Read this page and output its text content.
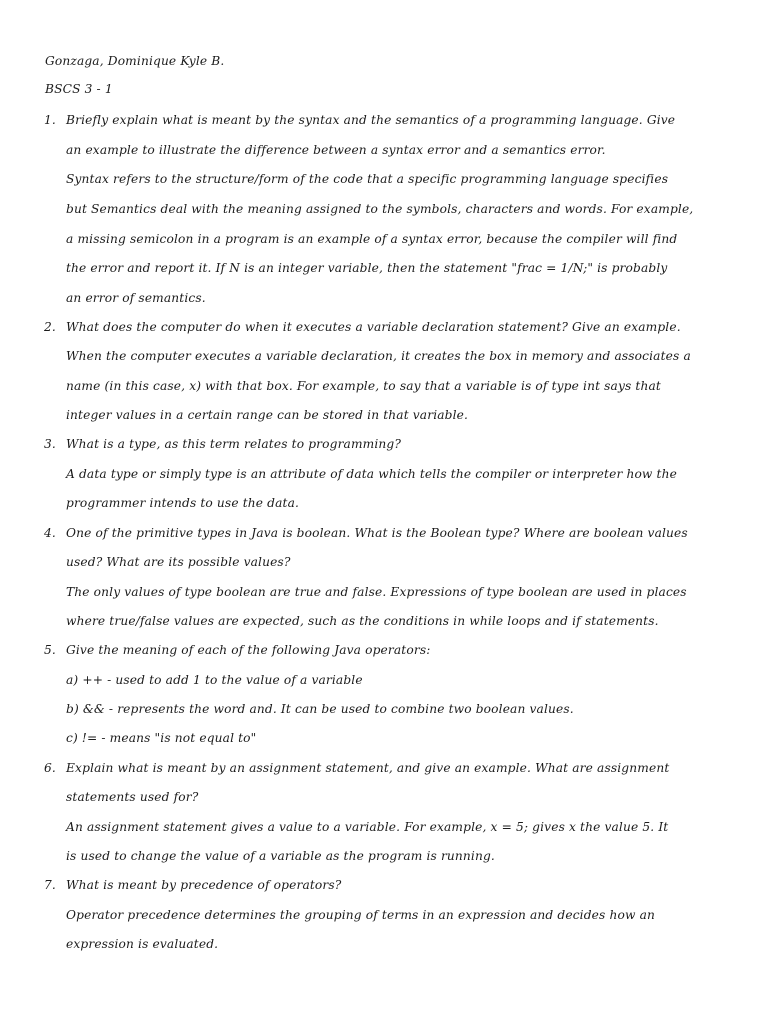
Gonzaga, Dominique Kyle B.
BSCS 3 - 1
1. Briefly explain what is meant by the syntax and the semantics of a programming language. Give
an example to illustrate the difference between a syntax error and a semantics error.
Syntax refers to the structure/form of the code that a specific programming language specifies
but Semantics deal with the meaning assigned to the symbols, characters and words. For example,
a missing semicolon in a program is an example of a syntax error, because the compiler will find
the error and report it. If N is an integer variable, then the statement "frac = 1/N;" is probably
an error of semantics.
2. What does the computer do when it executes a variable declaration statement? Give an example.
When the computer executes a variable declaration, it creates the box in memory and associates a
name (in this case, x) with that box. For example, to say that a variable is of type int says that
integer values in a certain range can be stored in that variable.
3. What is a type, as this term relates to programming?
A data type or simply type is an attribute of data which tells the compiler or interpreter how the
programmer intends to use the data.
4. One of the primitive types in Java is boolean. What is the Boolean type? Where are boolean values
used? What are its possible values?
The only values of type boolean are true and false. Expressions of type boolean are used in places
where true/false values are expected, such as the conditions in while loops and if statements.
5. Give the meaning of each of the following Java operators:
a) ++ - used to add 1 to the value of a variable
b) && - represents the word and. It can be used to combine two boolean values.
c) != - means "is not equal to"
6. Explain what is meant by an assignment statement, and give an example. What are assignment
statements used for?
An assignment statement gives a value to a variable. For example, x = 5; gives x the value 5. It
is used to change the value of a variable as the program is running.
7. What is meant by precedence of operators?
Operator precedence determines the grouping of terms in an expression and decides how an
expression is evaluated.
